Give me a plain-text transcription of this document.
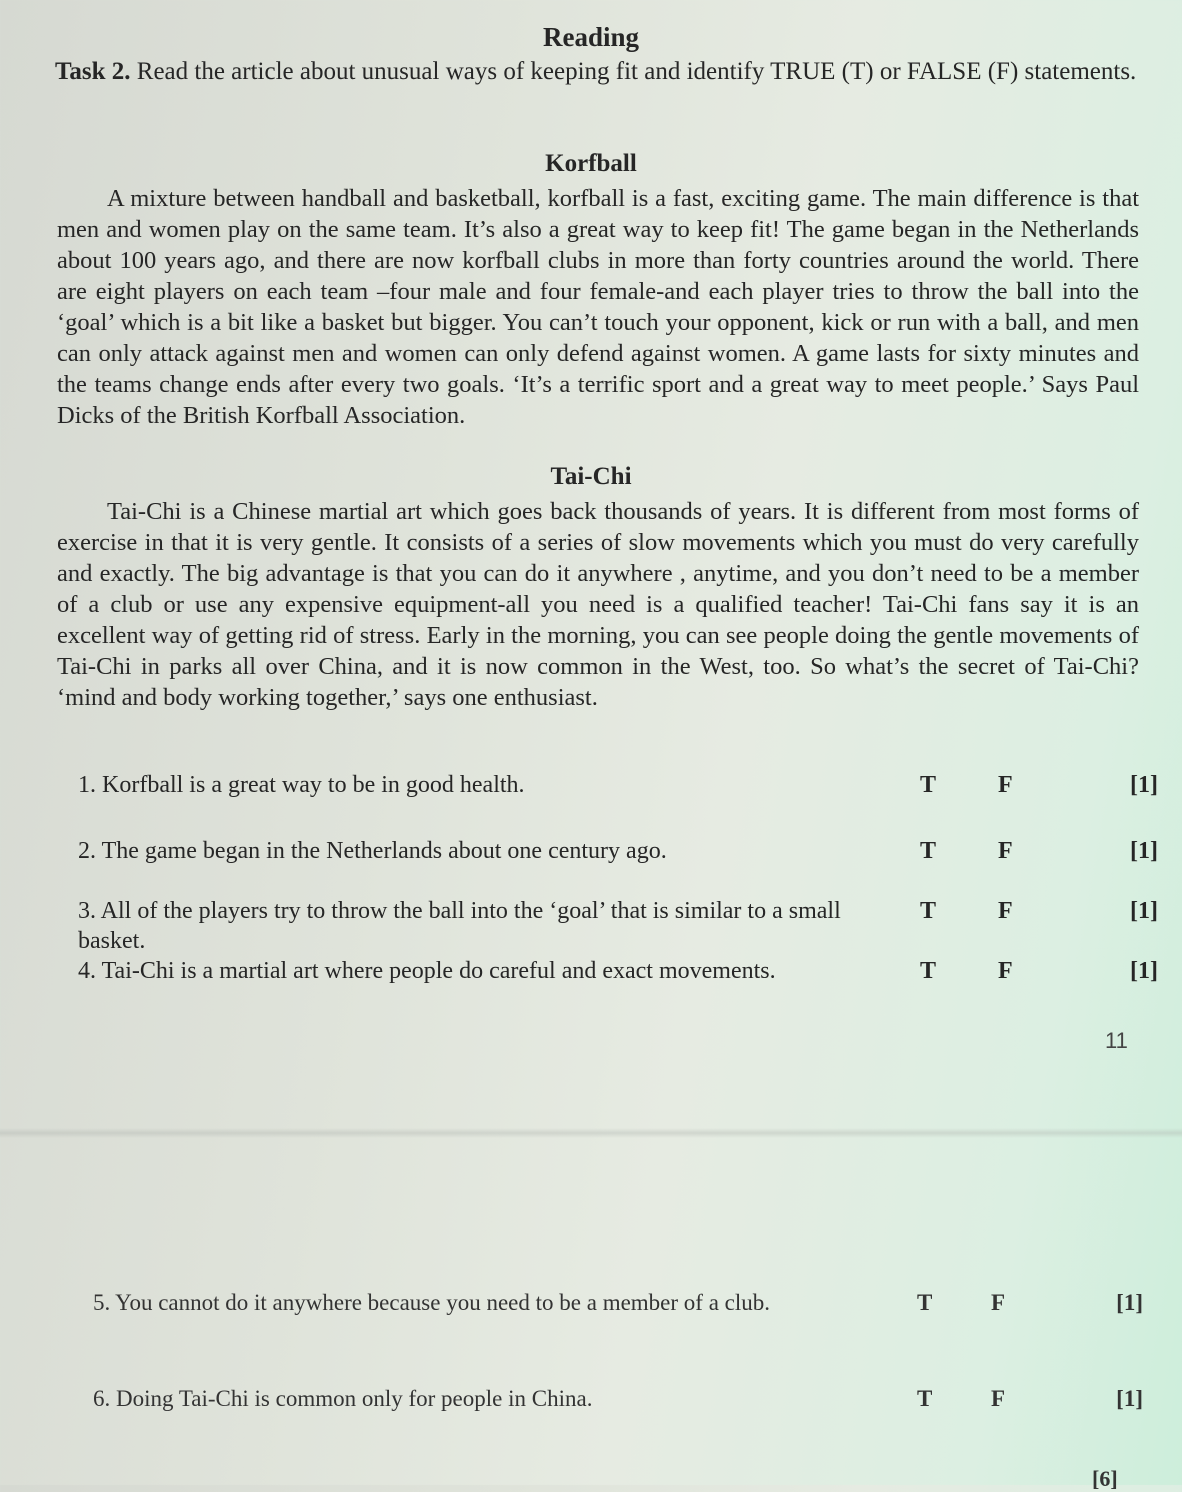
Reading

Task 2. Read the article about unusual ways of keeping fit and identify TRUE (T) or FALSE (F) statements.

Korfball

A mixture between handball and basketball, korfball is a fast, exciting game. The main difference is that men and women play on the same team. It’s also a great way to keep fit! The game began in the Netherlands about 100 years ago, and there are now korfball clubs in more than forty countries around the world. There are eight players on each team –four male and four female-and each player tries to throw the ball into the ‘goal’ which is a bit like a basket but bigger. You can’t touch your opponent, kick or run with a ball, and men can only attack against men and women can only defend against women. A game lasts for sixty minutes and the teams change ends after every two goals. ‘It’s a terrific sport and a great way to meet people.’ Says Paul Dicks of the British Korfball Association.

Tai-Chi

Tai-Chi is a Chinese martial art which goes back thousands of years. It is different from most forms of exercise in that it is very gentle. It consists of a series of slow movements which you must do very carefully and exactly. The big advantage is that you can do it anywhere , anytime, and you don’t need to be a member of a club or use any expensive equipment-all you need is a qualified teacher! Tai-Chi fans say it is an excellent way of getting rid of stress. Early in the morning, you can see people doing the gentle movements of Tai-Chi in parks all over China, and it is now common in the West, too. So what’s the secret of Tai-Chi? ‘mind and body working together,’ says one enthusiast.

1. Korfball is a great way to be in good health.	T	F	[1]
2. The game began in the Netherlands about one century ago.	T	F	[1]
3. All of the players try to throw the ball into the ‘goal’ that is similar to a small basket.
T	F	[1]
4. Tai-Chi is a martial art where people do careful and exact movements.	T	F	[1]
11
5. You cannot do it anywhere because you need to be a member of a club.	T	F	[1]
6. Doing Tai-Chi is common only for people in China.	T	F	[1]
[6]
